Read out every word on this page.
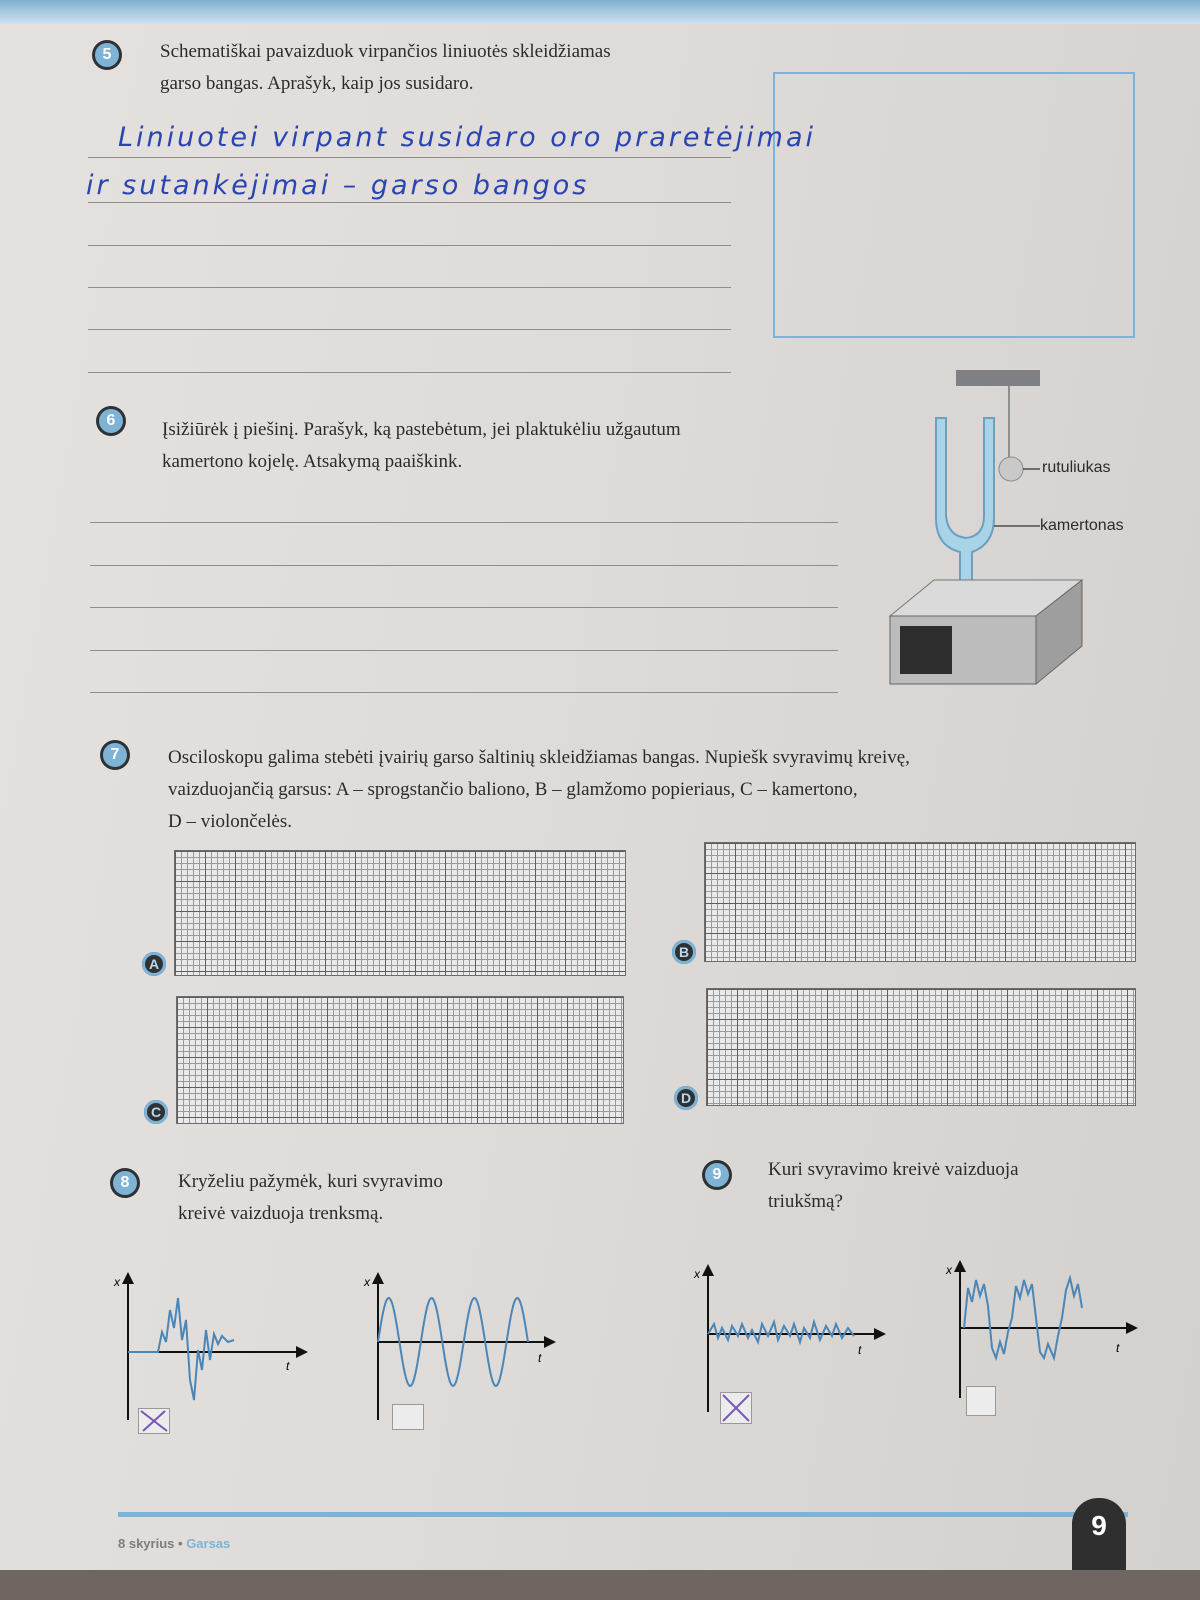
5	Schematiškai pavaizduok virpančios liniuotės skleidžiamas
garso bangas. Aprašyk, kaip jos susidaro.
Liniuotei virpant susidaro oro praretėjimai
ir sutankėjimai – garso bangos
6	Įsižiūrėk į piešinį. Parašyk, ką pastebėtum, jei plaktukėliu užgautum
kamertono kojelę. Atsakymą paaiškink.	rutuliukas
kamertonas
7	Osciloskopu galima stebėti įvairių garso šaltinių skleidžiamas bangas. Nupiešk svyravimų kreivę,
vaizduojančią garsus: A – sprogstančio baliono, B – glamžomo popieriaus, C – kamertono,
D – violončelės.
A
B
C
D
8	Kryželiu pažymėk, kuri svyravimo
kreivė vaizduoja trenksmą.
9	Kuri svyravimo kreivė vaizduoja
triukšmą?
x
t
x
t
x
t
x
t
8 skyrius • Garsas
9
